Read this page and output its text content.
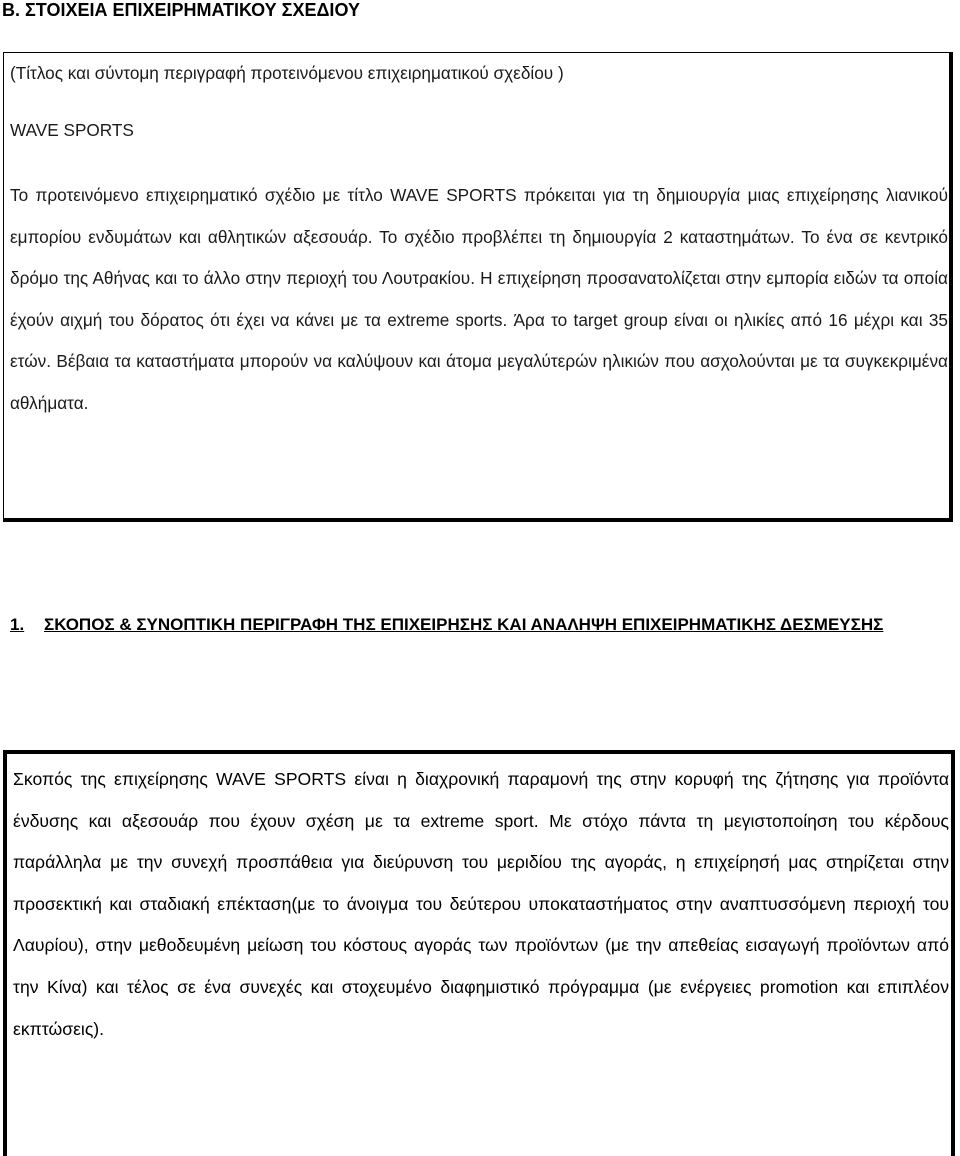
Β. ΣΤΟΙΧΕΙΑ ΕΠΙΧΕΙΡΗΜΑΤΙΚΟΥ ΣΧΕΔΙΟΥ

(Τίτλος και σύντομη περιγραφή προτεινόμενου επιχειρηματικού σχεδίου )

WAVE SPORTS

Το προτεινόμενο επιχειρηματικό σχέδιο με τίτλο WAVE SPORTS πρόκειται για τη δημιουργία μιας επιχείρησης λιανικού εμπορίου ενδυμάτων και αθλητικών αξεσουάρ. Το σχέδιο προβλέπει τη δημιουργία 2 καταστημάτων. Το ένα σε κεντρικό δρόμο της Αθήνας και το άλλο στην περιοχή του Λουτρακίου. Η επιχείρηση προσανατολίζεται στην εμπορία ειδών τα οποία έχούν αιχμή του δόρατος ότι έχει να κάνει με τα extreme sports. Άρα το target group είναι οι ηλικίες από 16 μέχρι και 35 ετών. Βέβαια τα καταστήματα μπορούν να καλύψουν και άτομα μεγαλύτερών ηλικιών που ασχολούνται με τα συγκεκριμένα αθλήματα.

1. ΣΚΟΠΟΣ & ΣΥΝΟΠΤΙΚΗ ΠΕΡΙΓΡΑΦΗ ΤΗΣ ΕΠΙΧΕΙΡΗΣΗΣ ΚΑΙ ΑΝΑΛΗΨΗ ΕΠΙΧΕΙΡΗΜΑΤΙΚΗΣ ΔΕΣΜΕΥΣΗΣ

Σκοπός της επιχείρησης WAVE SPORTS είναι η διαχρονική παραμονή της στην κορυφή της ζήτησης για προϊόντα ένδυσης και αξεσουάρ που έχουν σχέση με τα extreme sport. Με στόχο πάντα τη μεγιστοποίηση του κέρδους παράλληλα με την συνεχή προσπάθεια για διεύρυνση του μεριδίου της αγοράς, η επιχείρησή μας στηρίζεται στην προσεκτική και σταδιακή επέκταση(με το άνοιγμα του δεύτερου υποκαταστήματος στην αναπτυσσόμενη περιοχή του Λαυρίου), στην μεθοδευμένη μείωση του κόστους αγοράς των προϊόντων (με την απεθείας εισαγωγή προϊόντων από την Κίνα) και τέλος σε ένα συνεχές και στοχευμένο διαφημιστικό πρόγραμμα (με ενέργειες promotion και επιπλέον εκπτώσεις).
